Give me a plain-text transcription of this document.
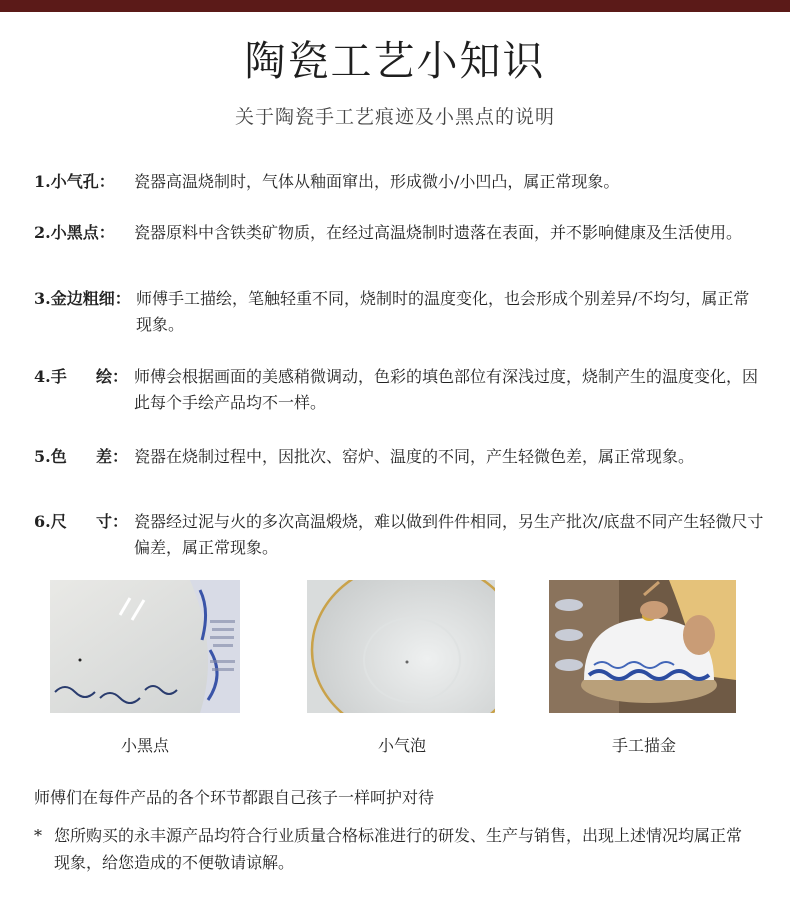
陶瓷工艺小知识
关于陶瓷手工艺痕迹及小黑点的说明
1.小气孔：	瓷器高温烧制时，气体从釉面窜出，形成微小/小凹凸，属正常现象。
2.小黑点：	瓷器原料中含铁类矿物质，在经过高温烧制时遗落在表面，并不影响健康及生活使用。
3.金边粗细： 师傅手工描绘，笔触轻重不同，烧制时的温度变化，也会形成个别差异/不均匀，属正常现象。
4.手 绘： 师傅会根据画面的美感稍微调动，色彩的填色部位有深浅过度，烧制产生的温度变化，因此每个手绘产品均不一样。
5.色 差： 瓷器在烧制过程中，因批次、窑炉、温度的不同，产生轻微色差，属正常现象。
6.尺 寸： 瓷器经过泥与火的多次高温煅烧，难以做到件件相同，另生产批次/底盘不同产生轻微尺寸偏差，属正常现象。
小黑点	小气泡	手工描金
师傅们在每件产品的各个环节都跟自己孩子一样呵护对待
* 您所购买的永丰源产品均符合行业质量合格标准进行的研发、生产与销售，出现上述情况均属正常现象，给您造成的不便敬请谅解。
